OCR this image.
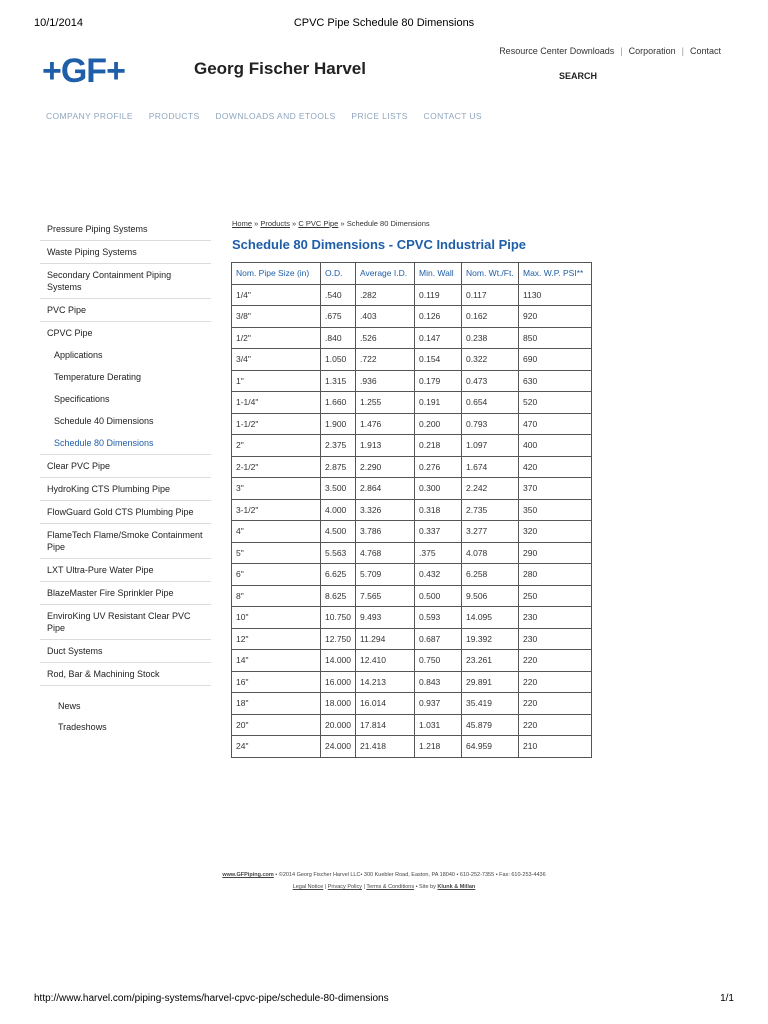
10/1/2014	CPVC Pipe Schedule 80 Dimensions
+GF+	Georg Fischer Harvel
Resource Center Downloads | Corporation | Contact
SEARCH
COMPANY PROFILE PRODUCTS DOWNLOADS AND ETOOLS PRICE LISTS CONTACT US
Pressure Piping Systems
Waste Piping Systems
Secondary Containment Piping Systems
PVC Pipe
CPVC Pipe
Applications
Temperature Derating
Specifications
Schedule 40 Dimensions
Schedule 80 Dimensions
Clear PVC Pipe
HydroKing CTS Plumbing Pipe
FlowGuard Gold CTS Plumbing Pipe
FlameTech Flame/Smoke Containment Pipe
LXT Ultra-Pure Water Pipe
BlazeMaster Fire Sprinkler Pipe
EnviroKing UV Resistant Clear PVC Pipe
Duct Systems
Rod, Bar & Machining Stock
News
Tradeshows
Home » Products » C PVC Pipe » Schedule 80 Dimensions
Schedule 80 Dimensions - CPVC Industrial Pipe
Nom. Pipe Size (in)	O.D.	Average I.D.	Min. Wall	Nom. Wt./Ft.	Max. W.P. PSI**
1/4"	.540	.282	0.119	0.117	1130
3/8"	.675	.403	0.126	0.162	920
1/2"	.840	.526	0.147	0.238	850
3/4"	1.050	.722	0.154	0.322	690
1"	1.315	.936	0.179	0.473	630
1-1/4"	1.660	1.255	0.191	0.654	520
1-1/2"	1.900	1.476	0.200	0.793	470
2"	2.375	1.913	0.218	1.097	400
2-1/2"	2.875	2.290	0.276	1.674	420
3"	3.500	2.864	0.300	2.242	370
3-1/2"	4.000	3.326	0.318	2.735	350
4"	4.500	3.786	0.337	3.277	320
5"	5.563	4.768	.375	4.078	290
6"	6.625	5.709	0.432	6.258	280
8"	8.625	7.565	0.500	9.506	250
10"	10.750	9.493	0.593	14.095	230
12"	12.750	11.294	0.687	19.392	230
14"	14.000	12.410	0.750	23.261	220
16"	16.000	14.213	0.843	29.891	220
18"	18.000	16.014	0.937	35.419	220
20"	20.000	17.814	1.031	45.879	220
24"	24.000	21.418	1.218	64.959	210
www.GFPiping.com • ©2014 Georg Fischer Harvel LLC• 300 Kuebler Road, Easton, PA 18040 • 610-252-7355 • Fax: 610-253-4436
Legal Notice | Privacy Policy | Terms & Conditions • Site by Klunk & Millan
http://www.harvel.com/piping-systems/harvel-cpvc-pipe/schedule-80-dimensions	1/1
